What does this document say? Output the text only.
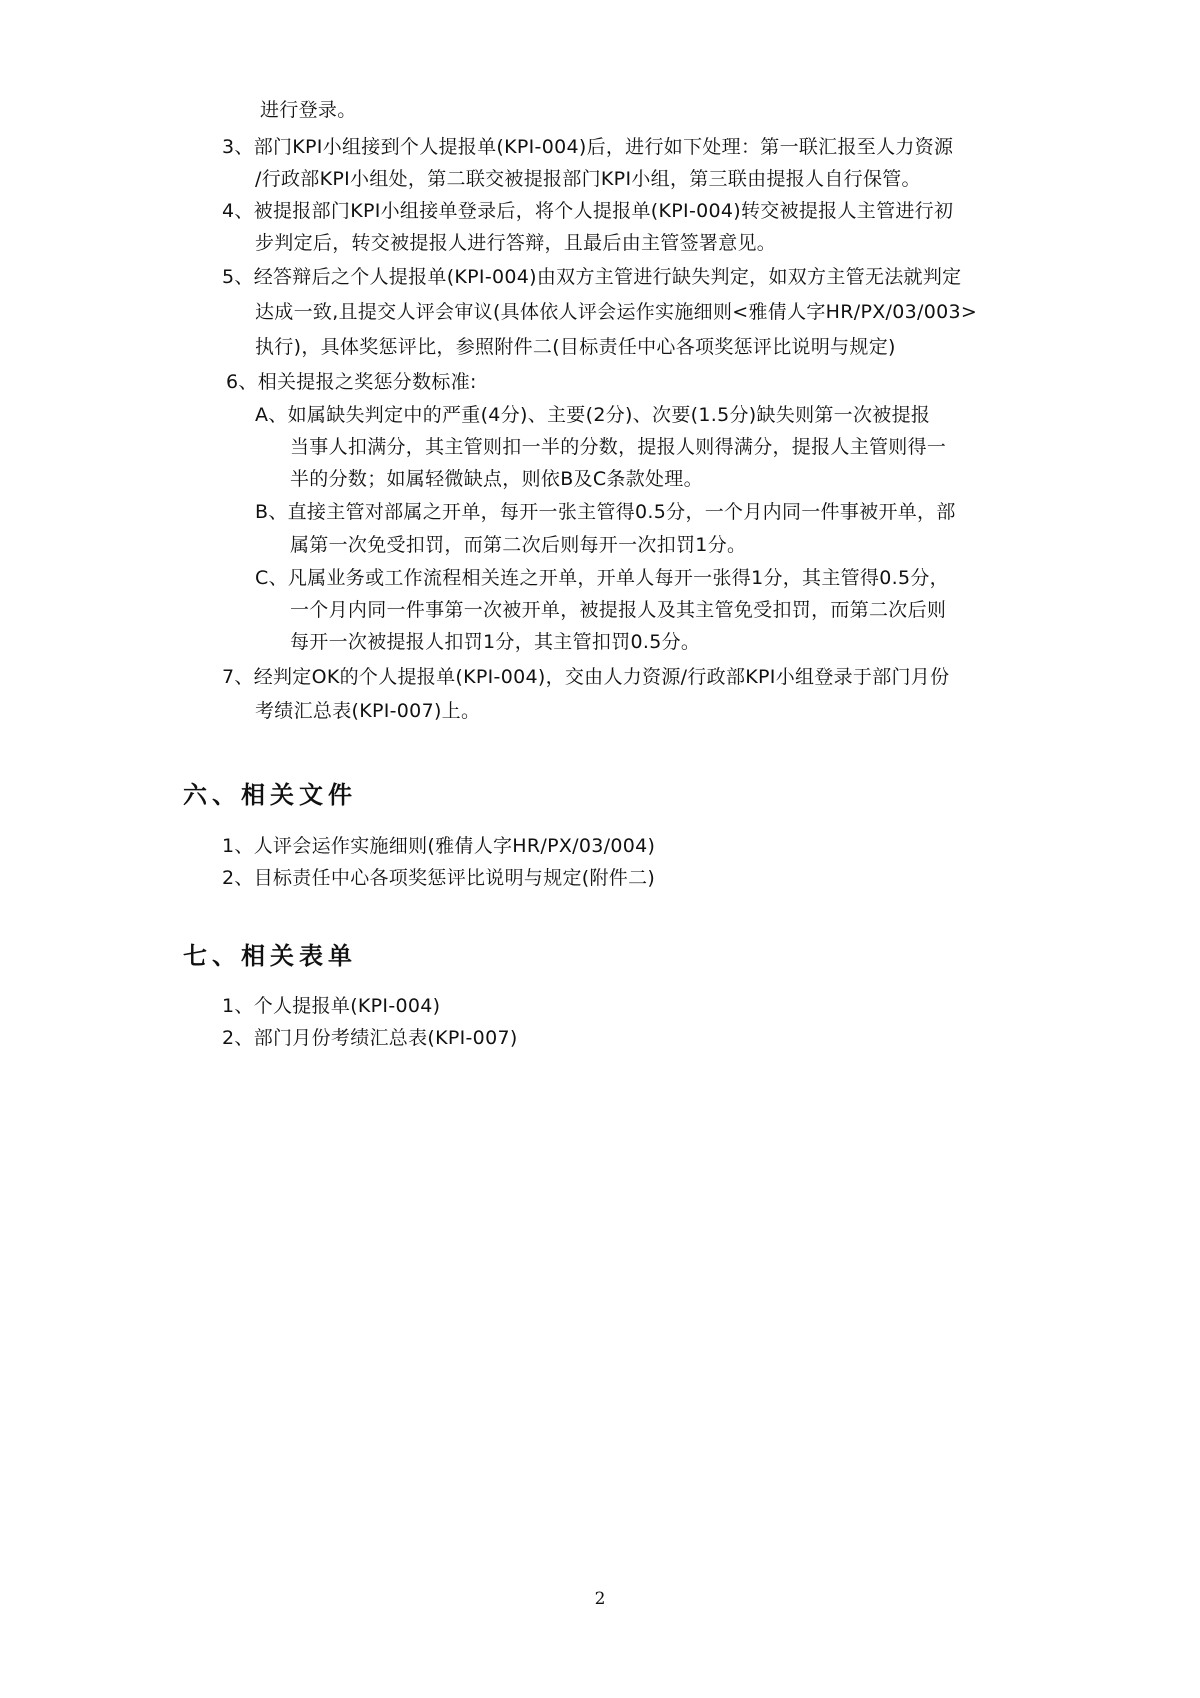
进行登录。
3、部门KPI小组接到个人提报单(KPI-004)后，进行如下处理：第一联汇报至人力资源
/行政部KPI小组处，第二联交被提报部门KPI小组，第三联由提报人自行保管。
4、被提报部门KPI小组接单登录后，将个人提报单(KPI-004)转交被提报人主管进行初
步判定后，转交被提报人进行答辩，且最后由主管签署意见。
5、经答辩后之个人提报单(KPI-004)由双方主管进行缺失判定，如双方主管无法就判定
达成一致,且提交人评会审议(具体依人评会运作实施细则<雅倩人字HR/PX/03/003>
执行)，具体奖惩评比，参照附件二(目标责任中心各项奖惩评比说明与规定)
6、相关提报之奖惩分数标准:
A、如属缺失判定中的严重(4分)、主要(2分)、次要(1.5分)缺失则第一次被提报
当事人扣满分，其主管则扣一半的分数，提报人则得满分，提报人主管则得一
半的分数；如属轻微缺点，则依B及C条款处理。
B、直接主管对部属之开单，每开一张主管得0.5分，一个月内同一件事被开单，部
属第一次免受扣罚，而第二次后则每开一次扣罚1分。
C、凡属业务或工作流程相关连之开单，开单人每开一张得1分，其主管得0.5分，
一个月内同一件事第一次被开单，被提报人及其主管免受扣罚，而第二次后则
每开一次被提报人扣罚1分，其主管扣罚0.5分。
7、经判定OK的个人提报单(KPI-004)，交由人力资源/行政部KPI小组登录于部门月份
考绩汇总表(KPI-007)上。
六、相关文件
1、人评会运作实施细则(雅倩人字HR/PX/03/004)
2、目标责任中心各项奖惩评比说明与规定(附件二)
七、相关表单
1、个人提报单(KPI-004)
2、部门月份考绩汇总表(KPI-007)
2
